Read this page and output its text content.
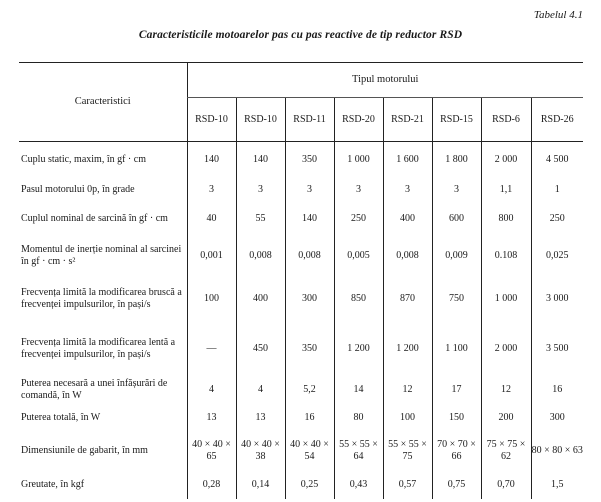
Tabelul 4.1
Caracteristicile motoarelor pas cu pas reactive de tip reductor RSD
Caracteristici	Tipul motorului							
	RSD-10	RSD-10	RSD-11	RSD-20	RSD-21	RSD-15	RSD-6	RSD-26
Cuplu static, maxim, în gf · cm	140	140	350	1 000	1 600	1 800	2 000	4 500
Pasul motorului 0p, în grade	3	3	3	3	3	3	1,1	1
Cuplul nominal de sarcină în gf · cm	40	55	140	250	400	600	800	250
Momentul de inerție nominal al sarcinei în gf · cm · s²	0,001	0,008	0,008	0,005	0,008	0,009	0.108	0,025
Frecvența limită la modificarea bruscă a frecvenței impulsurilor, în pași/s	100	400	300	850	870	750	1 000	3 000
Frecvența limită la modificarea lentă a frecvenței impulsurilor, în pași/s	—	450	350	1 200	1 200	1 100	2 000	3 500
Puterea necesară a unei înfășurări de comandă, în W	4	4	5,2	14	12	17	12	16
Puterea totală, în W	13	13	16	80	100	150	200	300
Dimensiunile de gabarit, în mm	40 × 40 × 65	40 × 40 × 38	40 × 40 × 54	55 × 55 × 64	55 × 55 × 75	70 × 70 × 66	75 × 75 × 62	80 × 80 × 63
Greutate, în kgf	0,28	0,14	0,25	0,43	0,57	0,75	0,70	1,5
